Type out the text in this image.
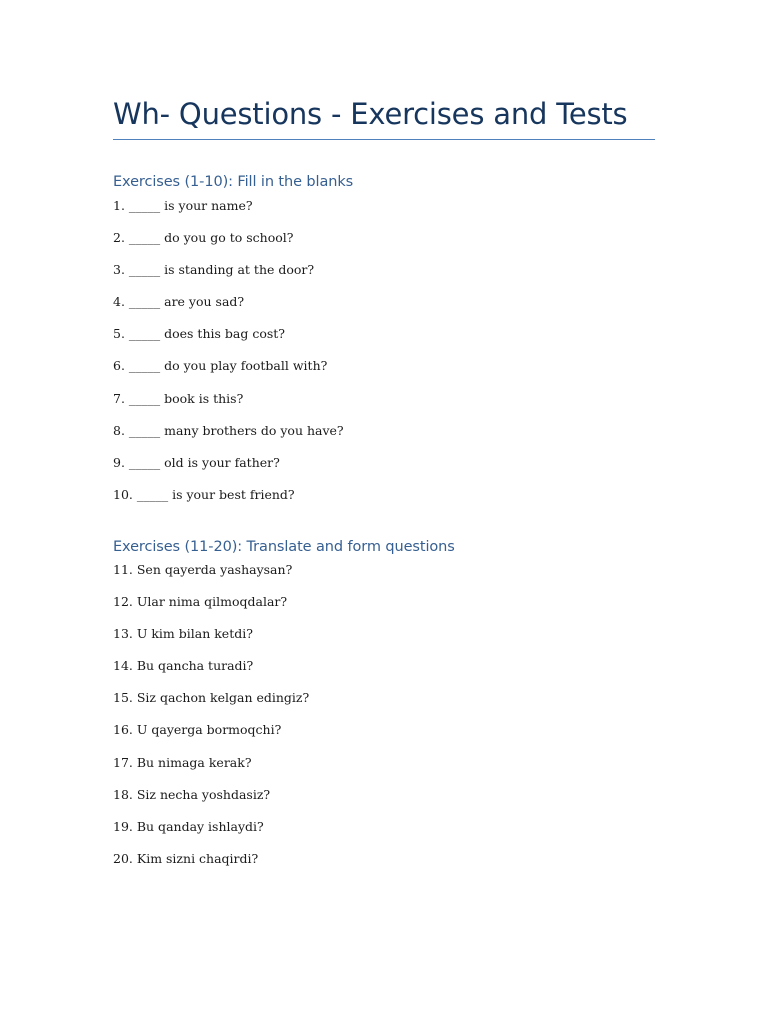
Wh- Questions - Exercises and Tests
Exercises (1-10): Fill in the blanks
1. _____ is your name?
2. _____ do you go to school?
3. _____ is standing at the door?
4. _____ are you sad?
5. _____ does this bag cost?
6. _____ do you play football with?
7. _____ book is this?
8. _____ many brothers do you have?
9. _____ old is your father?
10. _____ is your best friend?
Exercises (11-20): Translate and form questions
11. Sen qayerda yashaysan?
12. Ular nima qilmoqdalar?
13. U kim bilan ketdi?
14. Bu qancha turadi?
15. Siz qachon kelgan edingiz?
16. U qayerga bormoqchi?
17. Bu nimaga kerak?
18. Siz necha yoshdasiz?
19. Bu qanday ishlaydi?
20. Kim sizni chaqirdi?
